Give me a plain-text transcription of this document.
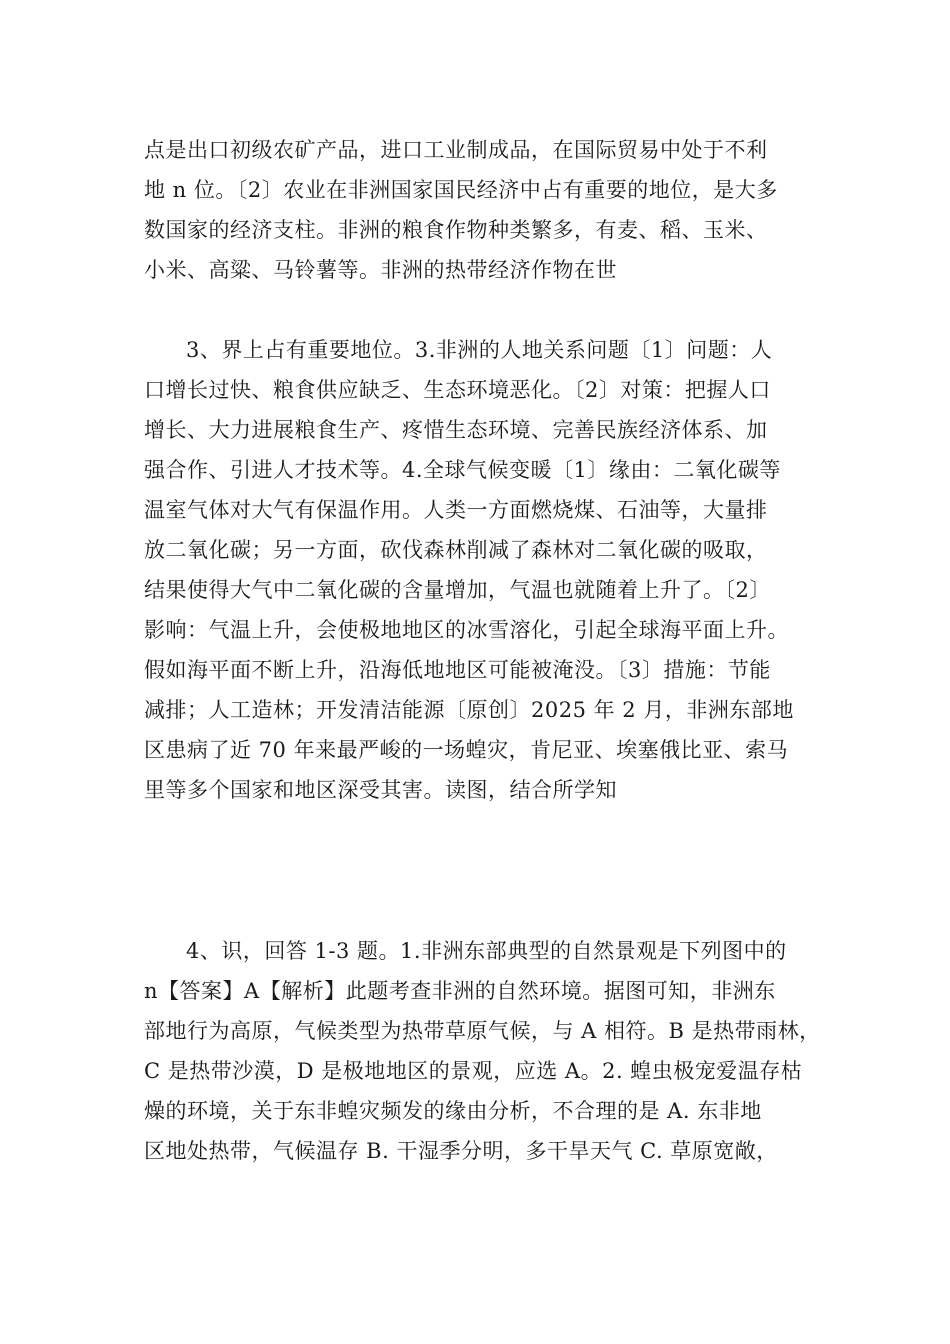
点是出口初级农矿产品，进口工业制成品，在国际贸易中处于不利
地 n 位。〔2〕农业在非洲国家国民经济中占有重要的地位，是大多
数国家的经济支柱。非洲的粮食作物种类繁多，有麦、稻、玉米、
小米、高粱、马铃薯等。非洲的热带经济作物在世
3、界上占有重要地位。3.非洲的人地关系问题〔1〕问题：人
口增长过快、粮食供应缺乏、生态环境恶化。〔2〕对策：把握人口
增长、大力进展粮食生产、疼惜生态环境、完善民族经济体系、加
强合作、引进人才技术等。4.全球气候变暖〔1〕缘由：二氧化碳等
温室气体对大气有保温作用。人类一方面燃烧煤、石油等，大量排
放二氧化碳；另一方面，砍伐森林削减了森林对二氧化碳的吸取，
结果使得大气中二氧化碳的含量增加，气温也就随着上升了。〔2〕
影响：气温上升，会使极地地区的冰雪溶化，引起全球海平面上升。
假如海平面不断上升，沿海低地地区可能被淹没。〔3〕措施：节能
减排；人工造林；开发清洁能源〔原创〕2025 年 2 月，非洲东部地
区患病了近 70 年来最严峻的一场蝗灾，肯尼亚、埃塞俄比亚、索马
里等多个国家和地区深受其害。读图，结合所学知
4、识，回答 1-3 题。1.非洲东部典型的自然景观是下列图中的
n【答案】A【解析】此题考查非洲的自然环境。据图可知，非洲东
部地行为高原，气候类型为热带草原气候，与 A 相符。B 是热带雨林，
C 是热带沙漠，D 是极地地区的景观，应选 A。2. 蝗虫极宠爱温存枯
燥的环境，关于东非蝗灾频发的缘由分析，不合理的是 A. 东非地
区地处热带，气候温存 B. 干湿季分明，多干旱天气 C. 草原宽敞，
